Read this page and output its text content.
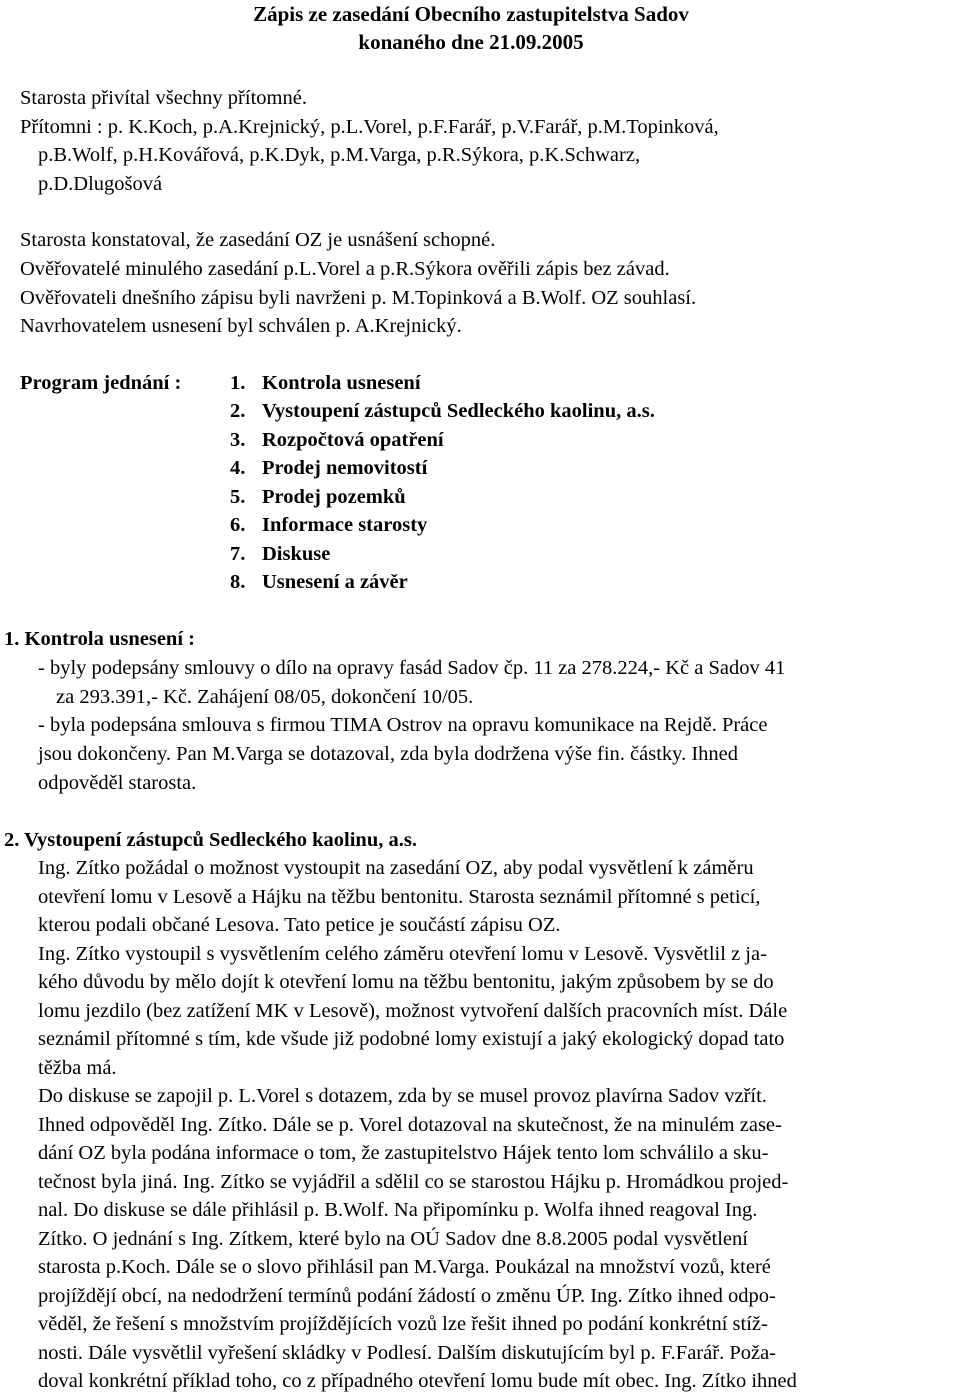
Zápis ze zasedání Obecního zastupitelstva Sadov
konaného dne 21.09.2005
Starosta přivítal všechny přítomné.
Přítomni : p. K.Koch, p.A.Krejnický, p.L.Vorel, p.F.Farář, p.V.Farář, p.M.Topinková,
p.B.Wolf, p.H.Kovářová, p.K.Dyk, p.M.Varga, p.R.Sýkora, p.K.Schwarz,
p.D.Dlugošová
Starosta konstatoval, že zasedání OZ je usnášení schopné.
Ověřovatelé minulého zasedání p.L.Vorel a p.R.Sýkora ověřili zápis bez závad.
Ověřovateli dnešního zápisu byli navrženi p. M.Topinková a B.Wolf. OZ souhlasí.
Navrhovatelem usnesení byl schválen p. A.Krejnický.
Program jednání : 1. Kontrola usnesení
2. Vystoupení zástupců Sedleckého kaolinu, a.s.
3. Rozpočtová opatření
4. Prodej nemovitostí
5. Prodej pozemků
6. Informace starosty
7. Diskuse
8. Usnesení a závěr
1. Kontrola usnesení :
- byly podepsány smlouvy o dílo na opravy fasád Sadov čp. 11 za 278.224,- Kč a Sadov 41
za 293.391,- Kč. Zahájení 08/05, dokončení 10/05.
- byla podepsána smlouva s firmou TIMA Ostrov na opravu komunikace na Rejdě. Práce
jsou dokončeny. Pan M.Varga se dotazoval, zda byla dodržena výše fin. částky. Ihned
odpověděl starosta.
2. Vystoupení zástupců Sedleckého kaolinu, a.s.
Ing. Zítko požádal o možnost vystoupit na zasedání OZ, aby podal vysvětlení k záměru
otevření lomu v Lesově a Hájku na těžbu bentonitu. Starosta seznámil přítomné s peticí,
kterou podali občané Lesova. Tato petice je součástí zápisu OZ.
Ing. Zítko vystoupil s vysvětlením celého záměru otevření lomu v Lesově. Vysvětlil z ja-
kého důvodu by mělo dojít k otevření lomu na těžbu bentonitu, jakým způsobem by se do
lomu jezdilo (bez zatížení MK v Lesově), možnost vytvoření dalších pracovních míst. Dále
seznámil přítomné s tím, kde všude již podobné lomy existují a jaký ekologický dopad tato
těžba má.
Do diskuse se zapojil p. L.Vorel s dotazem, zda by se musel provoz plavírna Sadov vzřít.
Ihned odpověděl Ing. Zítko. Dále se p. Vorel dotazoval na skutečnost, že na minulém zase-
dání OZ byla podána informace o tom, že zastupitelstvo Hájek tento lom schválilo a sku-
tečnost byla jiná. Ing. Zítko se vyjádřil a sdělil co se starostou Hájku p. Hromádkou projed-
nal. Do diskuse se dále přihlásil p. B.Wolf. Na připomínku p. Wolfa ihned reagoval Ing.
Zítko. O jednání s Ing. Zítkem, které bylo na OÚ Sadov dne 8.8.2005 podal vysvětlení
starosta p.Koch. Dále se o slovo přihlásil pan M.Varga. Poukázal na množství vozů, které
projíždějí obcí, na nedodržení termínů podání žádostí o změnu ÚP. Ing. Zítko ihned odpo-
věděl, že řešení s množstvím projíždějících vozů lze řešit ihned po podání konkrétní stíž-
nosti. Dále vysvětlil vyřešení skládky v Podlesí. Dalším diskutujícím byl p. F.Farář. Poža-
doval konkrétní příklad toho, co z případného otevření lomu bude mít obec. Ing. Zítko ihned
